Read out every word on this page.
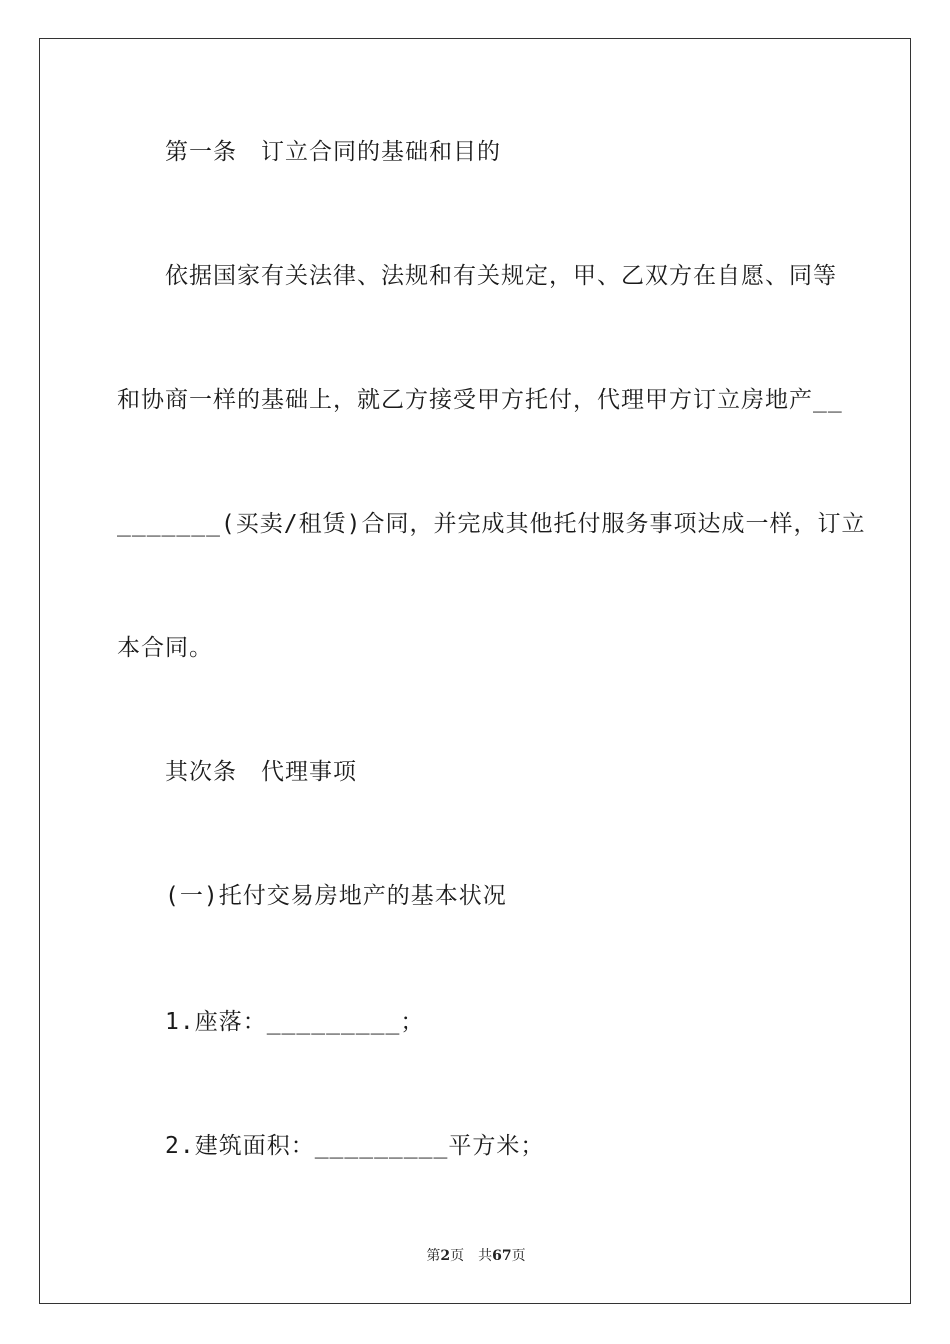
第一条　订立合同的基础和目的
依据国家有关法律、法规和有关规定，甲、乙双方在自愿、同等
和协商一样的基础上，就乙方接受甲方托付，代理甲方订立房地产__
_______(买卖/租赁)合同，并完成其他托付服务事项达成一样，订立
本合同。
其次条　代理事项
(一)托付交易房地产的基本状况
1.座落：_________；
2.建筑面积：_________平方米；
第2页　共67页
